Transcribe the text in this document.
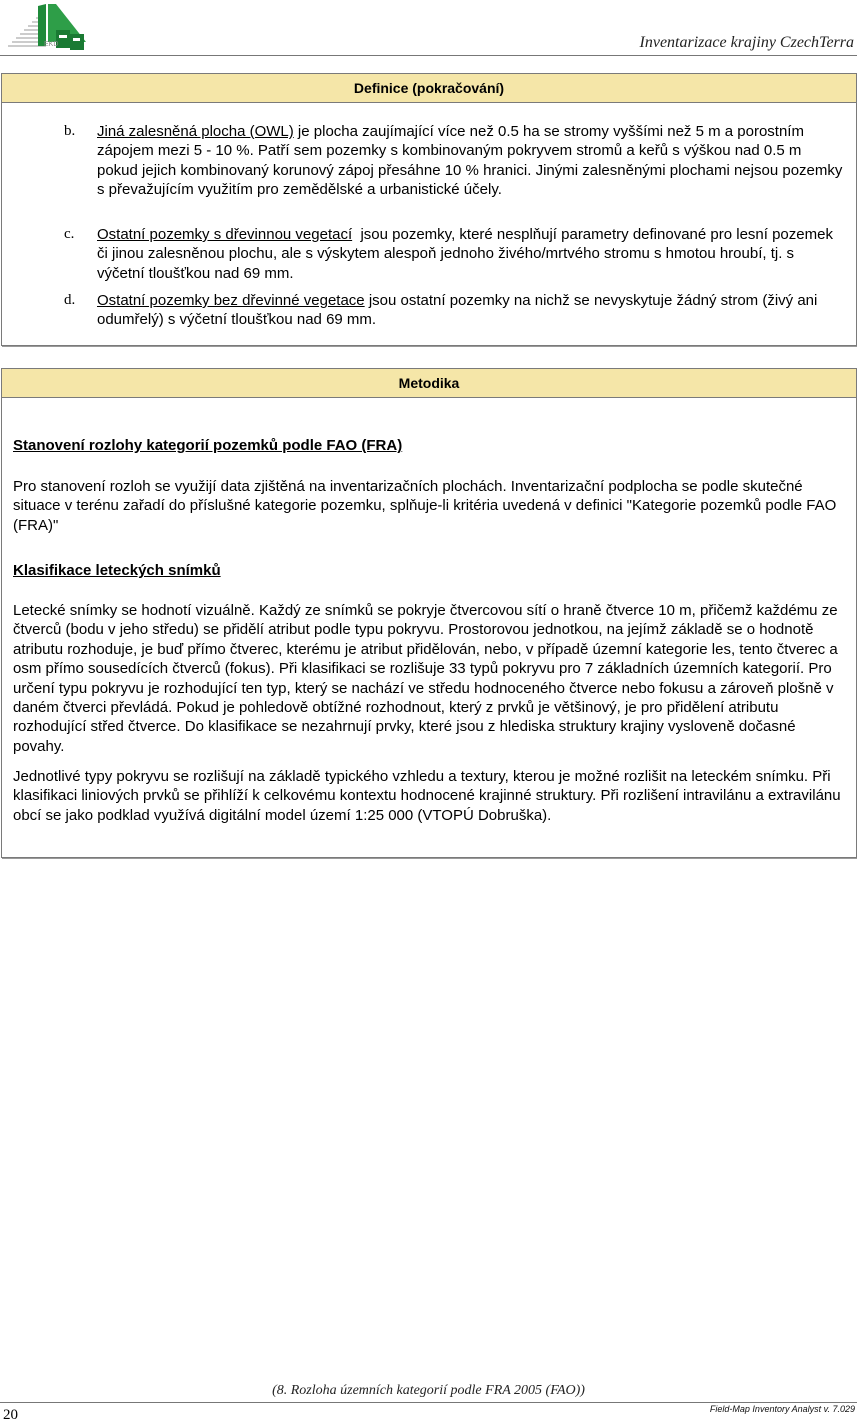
EKD	Inventarizace krajiny CzechTerra
Definice (pokračování)
b. Jiná zalesněná plocha (OWL) je plocha zaujímající více než 0.5 ha se stromy vyššími než 5 m a porostním zápojem mezi 5 - 10 %. Patří sem pozemky s kombinovaným pokryvem stromů a keřů s výškou nad 0.5 m pokud jejich kombinovaný korunový zápoj přesáhne 10 % hranici. Jinými zalesněnými plochami nejsou pozemky s převažujícím využitím pro zemědělské a urbanistické účely.
c. Ostatní pozemky s dřevinnou vegetací  jsou pozemky, které nesplňují parametry definované pro lesní pozemek či jinou zalesněnou plochu, ale s výskytem alespoň jednoho živého/mrtvého stromu s hmotou hroubí, tj. s výčetní tloušťkou nad 69 mm.
d. Ostatní pozemky bez dřevinné vegetace jsou ostatní pozemky na nichž se nevyskytuje žádný strom (živý ani odumřelý) s výčetní tloušťkou nad 69 mm.
Metodika
Stanovení rozlohy kategorií pozemků podle FAO (FRA)
Pro stanovení rozloh se využijí data zjištěná na inventarizačních plochách. Inventarizační podplocha se podle skutečné situace v terénu zařadí do příslušné kategorie pozemku, splňuje-li kritéria uvedená v definici "Kategorie pozemků podle FAO (FRA)"
Klasifikace leteckých snímků
Letecké snímky se hodnotí vizuálně. Každý ze snímků se pokryje čtvercovou sítí o hraně čtverce 10 m, přičemž každému ze čtverců (bodu v jeho středu) se přidělí atribut podle typu pokryvu. Prostorovou jednotkou, na jejímž základě se o hodnotě atributu rozhoduje, je buď přímo čtverec, kterému je atribut přidělován, nebo, v případě územní kategorie les, tento čtverec a osm přímo sousedících čtverců (fokus). Při klasifikaci se rozlišuje 33 typů pokryvu pro 7 základních územních kategorií. Pro určení typu pokryvu je rozhodující ten typ, který se nachází ve středu hodnoceného čtverce nebo fokusu a zároveň plošně v daném čtverci převládá. Pokud je pohledově obtížné rozhodnout, který z prvků je většinový, je pro přidělení atributu rozhodující střed čtverce. Do klasifikace se nezahrnují prvky, které jsou z hlediska struktury krajiny vysloveně dočasné povahy.
Jednotlivé typy pokryvu se rozlišují na základě typického vzhledu a textury, kterou je možné rozlišit na leteckém snímku. Při klasifikaci liniových prvků se přihlíží k celkovému kontextu hodnocené krajinné struktury. Při rozlišení intravilánu a extravilánu obcí se jako podklad využívá digitální model území 1:25 000 (VTOPÚ Dobruška).
(8. Rozloha územních kategorií podle FRA 2005 (FAO))
20	Field-Map Inventory Analyst v. 7.029
